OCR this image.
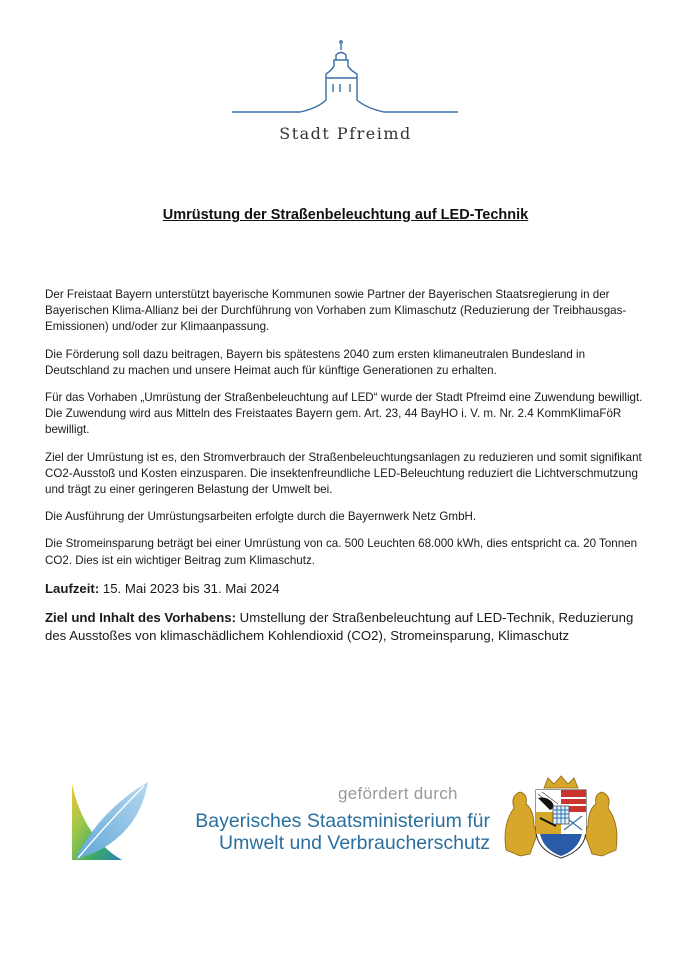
Stadt Pfreimd
Umrüstung der Straßenbeleuchtung auf LED-Technik

Der Freistaat Bayern unterstützt bayerische Kommunen sowie Partner der Bayerischen Staatsregierung in der Bayerischen Klima-Allianz bei der Durchführung von Vorhaben zum Klimaschutz (Reduzierung der Treibhausgas-Emissionen) und/oder zur Klimaanpassung.

Die Förderung soll dazu beitragen, Bayern bis spätestens 2040 zum ersten klimaneutralen Bundesland in Deutschland zu machen und unsere Heimat auch für künftige Generationen zu erhalten.

Für das Vorhaben „Umrüstung der Straßenbeleuchtung auf LED“ wurde der Stadt Pfreimd eine Zuwendung bewilligt. Die Zuwendung wird aus Mitteln des Freistaates Bayern gem. Art. 23, 44 BayHO i. V. m. Nr. 2.4 KommKlimaFöR bewilligt.

Ziel der Umrüstung ist es, den Stromverbrauch der Straßenbeleuchtungsanlagen zu reduzieren und somit signifikant CO2-Ausstoß und Kosten einzusparen. Die insektenfreundliche LED-Beleuchtung reduziert die Lichtverschmutzung und trägt zu einer geringeren Belastung der Umwelt bei.

Die Ausführung der Umrüstungsarbeiten erfolgte durch die Bayernwerk Netz GmbH.

Die Stromeinsparung beträgt bei einer Umrüstung von ca. 500 Leuchten 68.000 kWh, dies entspricht ca. 20 Tonnen CO2. Dies ist ein wichtiger Beitrag zum Klimaschutz.

Laufzeit: 15. Mai 2023 bis 31. Mai 2024

Ziel und Inhalt des Vorhabens: Umstellung der Straßenbeleuchtung auf LED-Technik, Reduzierung des Ausstoßes von klimaschädlichem Kohlendioxid (CO2), Stromeinsparung, Klimaschutz

gefördert durch
Bayerisches Staatsministerium für
Umwelt und Verbraucherschutz
